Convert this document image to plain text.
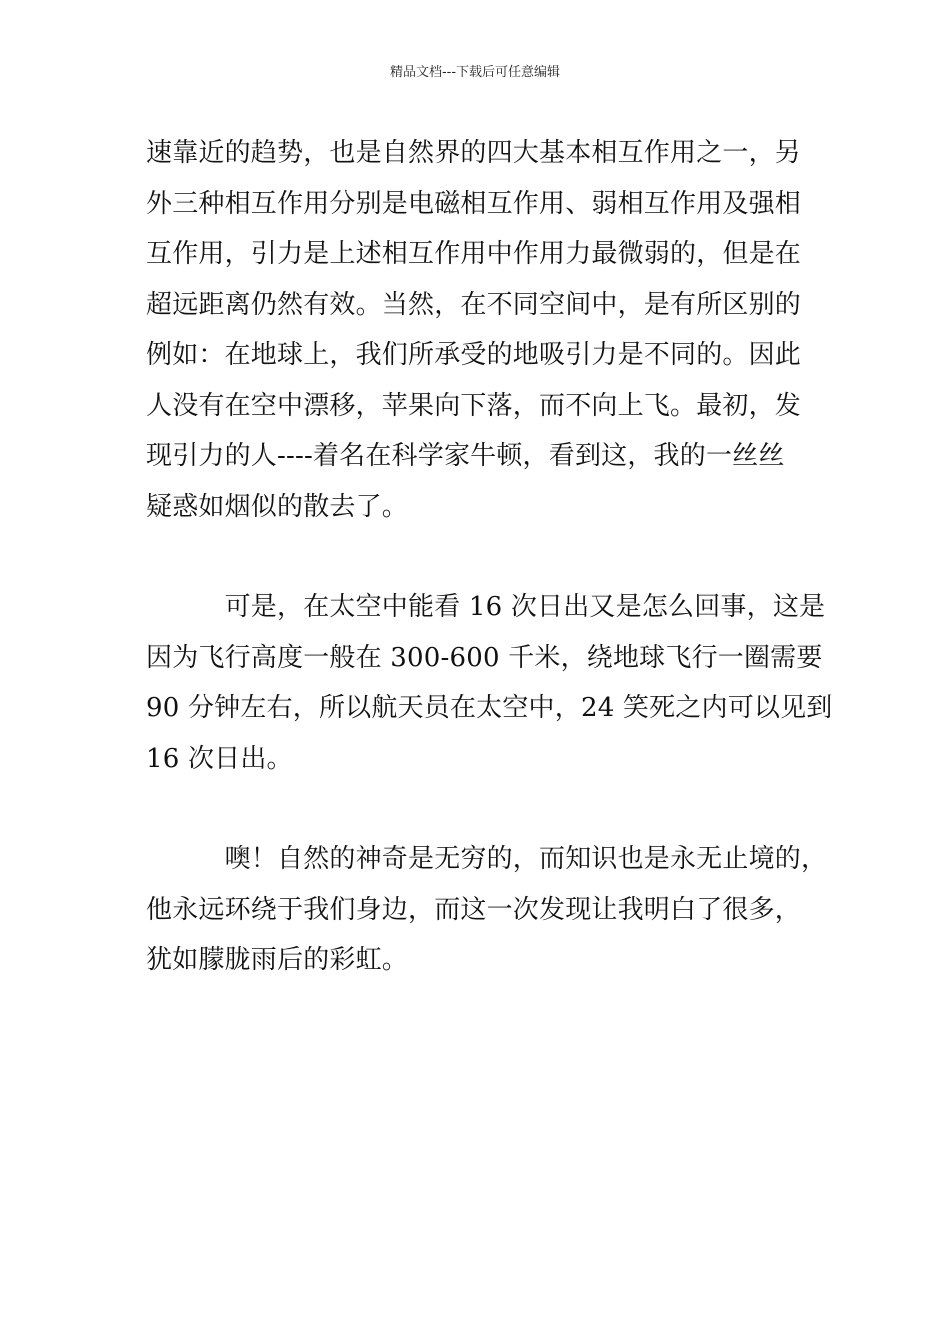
精品文档---下载后可任意编辑
速靠近的趋势，也是自然界的四大基本相互作用之一，另
外三种相互作用分别是电磁相互作用、弱相互作用及强相
互作用，引力是上述相互作用中作用力最微弱的，但是在
超远距离仍然有效。当然，在不同空间中，是有所区别的
例如：在地球上，我们所承受的地吸引力是不同的。因此
人没有在空中漂移，苹果向下落，而不向上飞。最初，发
现引力的人----着名在科学家牛顿，看到这，我的一丝丝
疑惑如烟似的散去了。
　　　可是，在太空中能看 16 次日出又是怎么回事，这是
因为飞行高度一般在 300-600 千米，绕地球飞行一圈需要
90 分钟左右，所以航天员在太空中，24 笑死之内可以见到
16 次日出。
　　　噢！自然的神奇是无穷的，而知识也是永无止境的，
他永远环绕于我们身边，而这一次发现让我明白了很多，
犹如朦胧雨后的彩虹。
